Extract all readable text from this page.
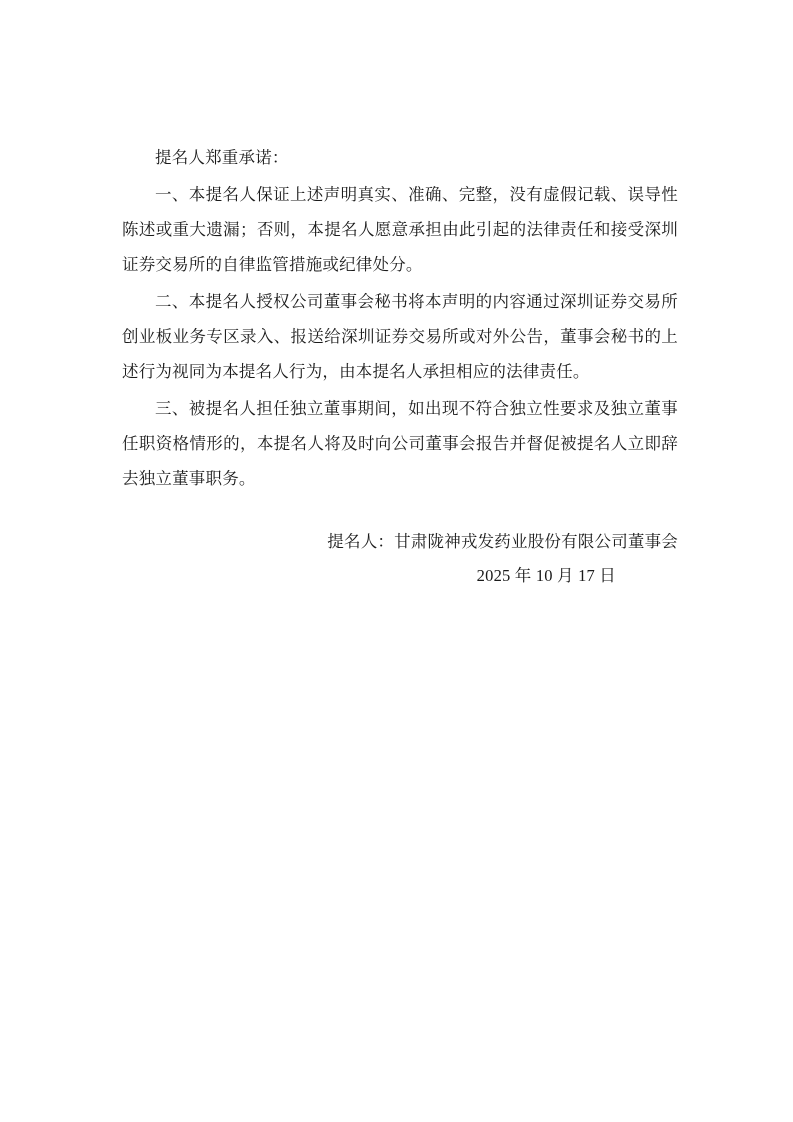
提名人郑重承诺：

一、本提名人保证上述声明真实、准确、完整，没有虚假记载、误导性陈述或重大遗漏；否则，本提名人愿意承担由此引起的法律责任和接受深圳证券交易所的自律监管措施或纪律处分。

二、本提名人授权公司董事会秘书将本声明的内容通过深圳证券交易所创业板业务专区录入、报送给深圳证券交易所或对外公告，董事会秘书的上述行为视同为本提名人行为，由本提名人承担相应的法律责任。

三、被提名人担任独立董事期间，如出现不符合独立性要求及独立董事任职资格情形的，本提名人将及时向公司董事会报告并督促被提名人立即辞去独立董事职务。

提名人：甘肃陇神戎发药业股份有限公司董事会

2025 年 10 月 17 日
